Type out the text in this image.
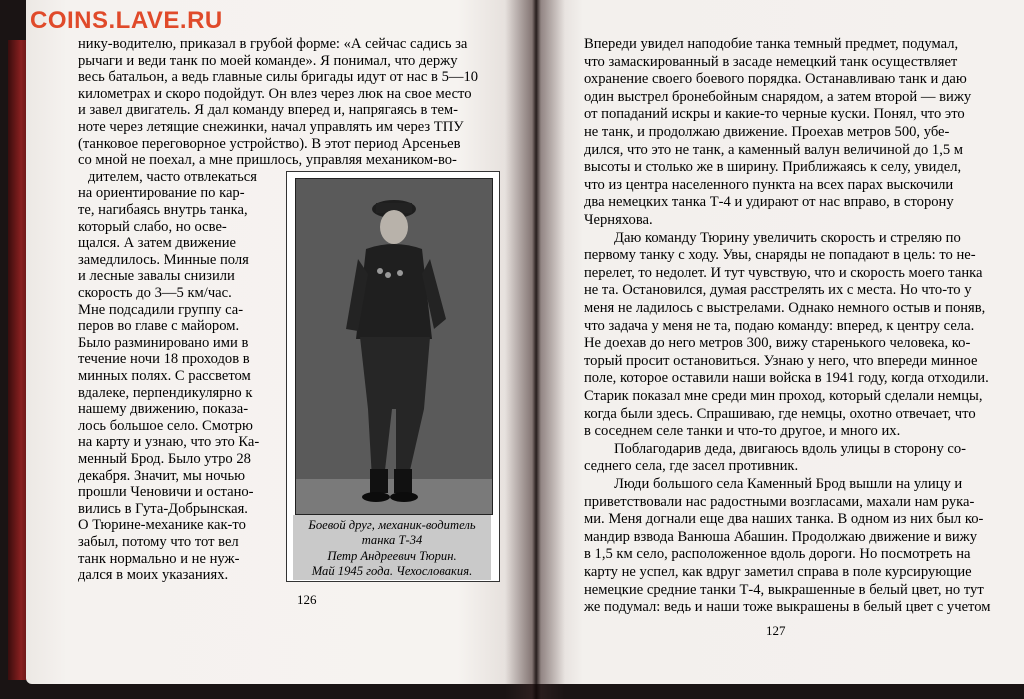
COINS.LAVE.RU
нику-водителю, приказал в грубой форме: «А сейчас садись за
рычаги и веди танк по моей команде». Я понимал, что держу
весь батальон, а ведь главные силы бригады идут от нас в 5—10
километрах и скоро подойдут. Он влез через люк на свое место
и завел двигатель. Я дал команду вперед и, напрягаясь в тем-
ноте через летящие снежинки, начал управлять им через ТПУ
(танковое переговорное устройство). В этот период Арсеньев
со мной не поехал, а мне пришлось, управляя механиком-во-
дителем, часто отвлекаться
на ориентирование по кар-
те, нагибаясь внутрь танка,
который слабо, но осве-
щался. А затем движение
замедлилось. Минные поля
и лесные завалы снизили
скорость до 3—5 км/час.
Мне подсадили группу са-
перов во главе с майором.
Было разминировано ими в
течение ночи 18 проходов в
минных полях. С рассветом
вдалеке, перпендикулярно к
нашему движению, показа-
лось большое село. Смотрю
на карту и узнаю, что это Ка-
менный Брод. Было утро 28
декабря. Значит, мы ночью
прошли Ченовичи и остано-
вились в Гута-Добрынская.
О Тюрине-механике как-то
забыл, потому что тот вел
танк нормально и не нуж-
дался в моих указаниях.
Боевой друг, механик-водитель
танка Т-34
Петр Андреевич Тюрин.
Май 1945 года. Чехословакия.
126
Впереди увидел наподобие танка темный предмет, подумал,
что замаскированный в засаде немецкий танк осуществляет
охранение своего боевого порядка. Останавливаю танк и даю
один выстрел бронебойным снарядом, а затем второй — вижу
от попаданий искры и какие-то черные куски. Понял, что это
не танк, и продолжаю движение. Проехав метров 500, убе-
дился, что это не танк, а каменный валун величиной до 1,5 м
высоты и столько же в ширину. Приближаясь к селу, увидел,
что из центра населенного пункта на всех парах выскочили
два немецких танка Т-4 и удирают от нас вправо, в сторону
Черняхова.
Даю команду Тюрину увеличить скорость и стреляю по
первому танку с ходу. Увы, снаряды не попадают в цель: то не-
перелет, то недолет. И тут чувствую, что и скорость моего танка
не та. Остановился, думая расстрелять их с места. Но что-то у
меня не ладилось с выстрелами. Однако немного остыв и поняв,
что задача у меня не та, подаю команду: вперед, к центру села.
Не доехав до него метров 300, вижу старенького человека, ко-
торый просит остановиться. Узнаю у него, что впереди минное
поле, которое оставили наши войска в 1941 году, когда отходили.
Старик показал мне среди мин проход, который сделали немцы,
когда были здесь. Спрашиваю, где немцы, охотно отвечает, что
в соседнем селе танки и что-то другое, и много их.
Поблагодарив деда, двигаюсь вдоль улицы в сторону со-
седнего села, где засел противник.
Люди большого села Каменный Брод вышли на улицу и
приветствовали нас радостными возгласами, махали нам рука-
ми. Меня догнали еще два наших танка. В одном из них был ко-
мандир взвода Ванюша Абашин. Продолжаю движение и вижу
в 1,5 км село, расположенное вдоль дороги. Но посмотреть на
карту не успел, как вдруг заметил справа в поле курсирующие
немецкие средние танки Т-4, выкрашенные в белый цвет, но тут
же подумал: ведь и наши тоже выкрашены в белый цвет с учетом
127
